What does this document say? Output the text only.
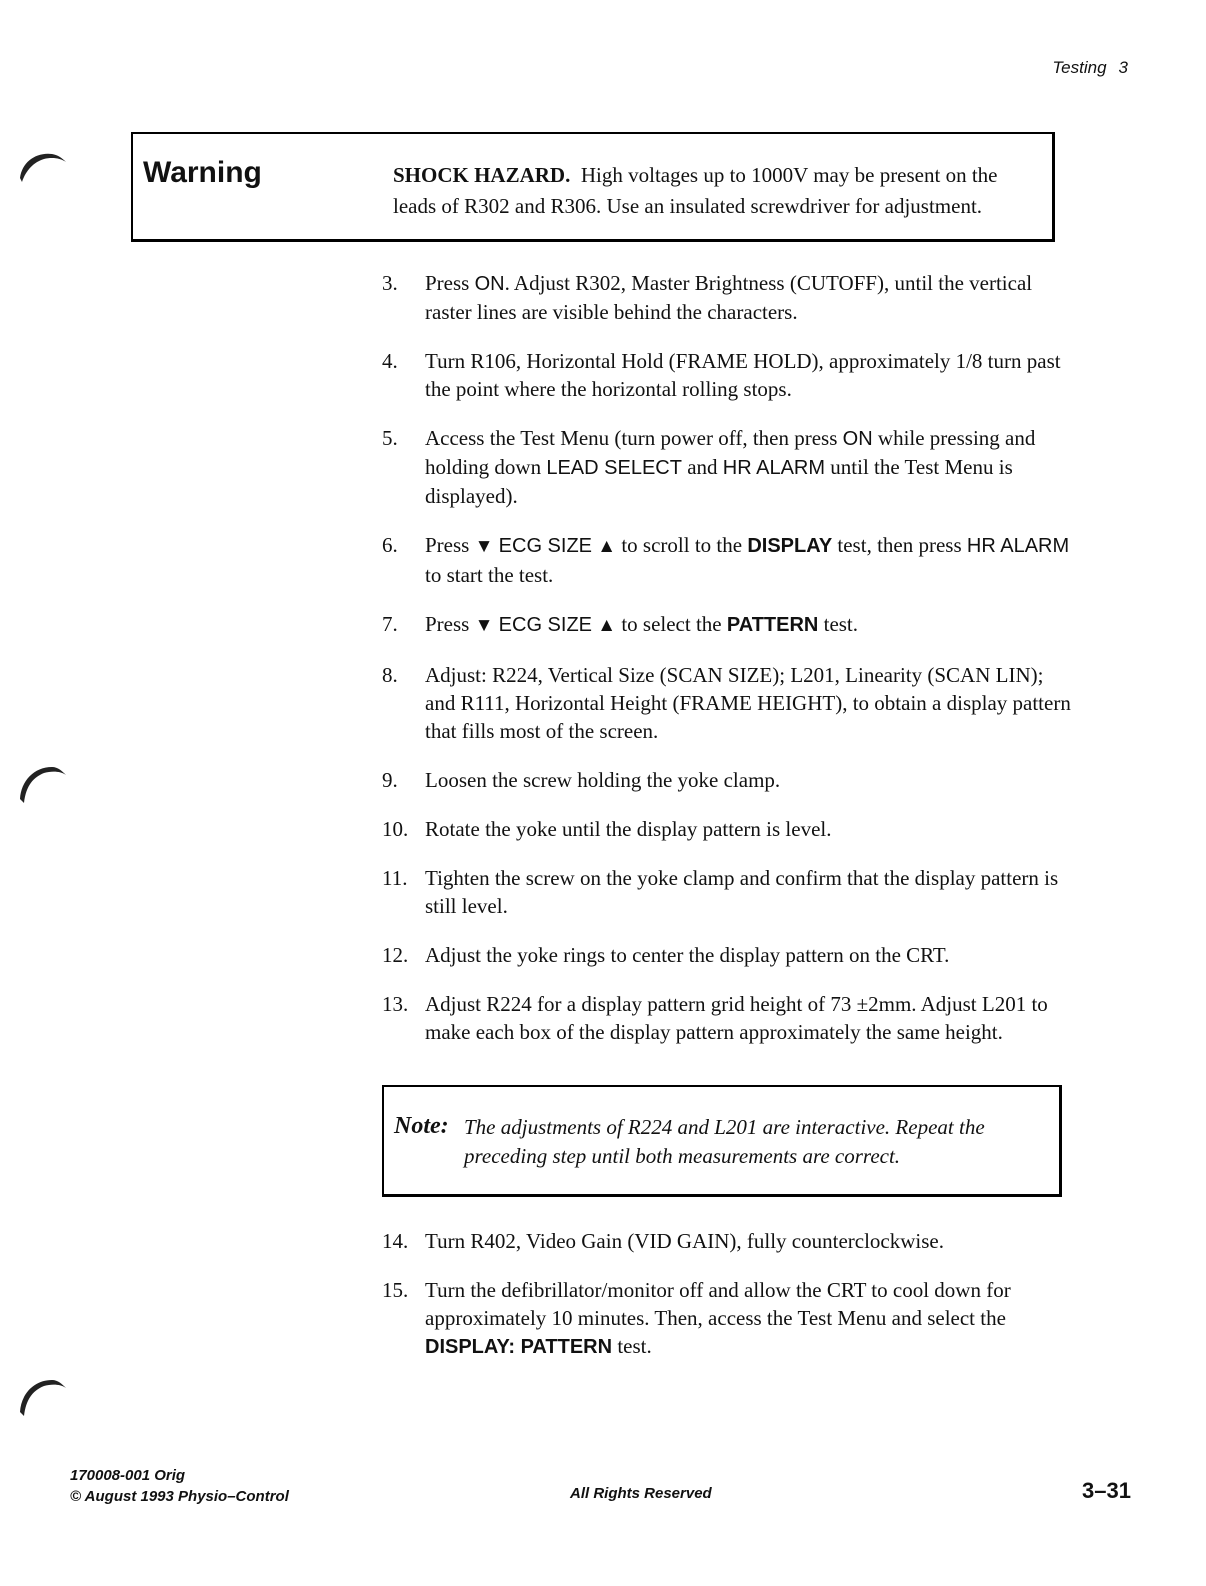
Testing 3
Warning	SHOCK HAZARD. High voltages up to 1000V may be present on the leads of R302 and R306. Use an insulated screwdriver for adjustment.
3. Press ON. Adjust R302, Master Brightness (CUTOFF), until the vertical raster lines are visible behind the characters.
4. Turn R106, Horizontal Hold (FRAME HOLD), approximately 1/8 turn past the point where the horizontal rolling stops.
5. Access the Test Menu (turn power off, then press ON while pressing and holding down LEAD SELECT and HR ALARM until the Test Menu is displayed).
6. Press ▼ ECG SIZE ▲ to scroll to the DISPLAY test, then press HR ALARM to start the test.
7. Press ▼ ECG SIZE ▲ to select the PATTERN test.
8. Adjust: R224, Vertical Size (SCAN SIZE); L201, Linearity (SCAN LIN); and R111, Horizontal Height (FRAME HEIGHT), to obtain a display pattern that fills most of the screen.
9. Loosen the screw holding the yoke clamp.
10. Rotate the yoke until the display pattern is level.
11. Tighten the screw on the yoke clamp and confirm that the display pattern is still level.
12. Adjust the yoke rings to center the display pattern on the CRT.
13. Adjust R224 for a display pattern grid height of 73 ±2mm. Adjust L201 to make each box of the display pattern approximately the same height.
Note: The adjustments of R224 and L201 are interactive. Repeat the preceding step until both measurements are correct.
14. Turn R402, Video Gain (VID GAIN), fully counterclockwise.
15. Turn the defibrillator/monitor off and allow the CRT to cool down for approximately 10 minutes. Then, access the Test Menu and select the DISPLAY: PATTERN test.
170008-001 Orig
© August 1993 Physio–Control	All Rights Reserved	3–31
